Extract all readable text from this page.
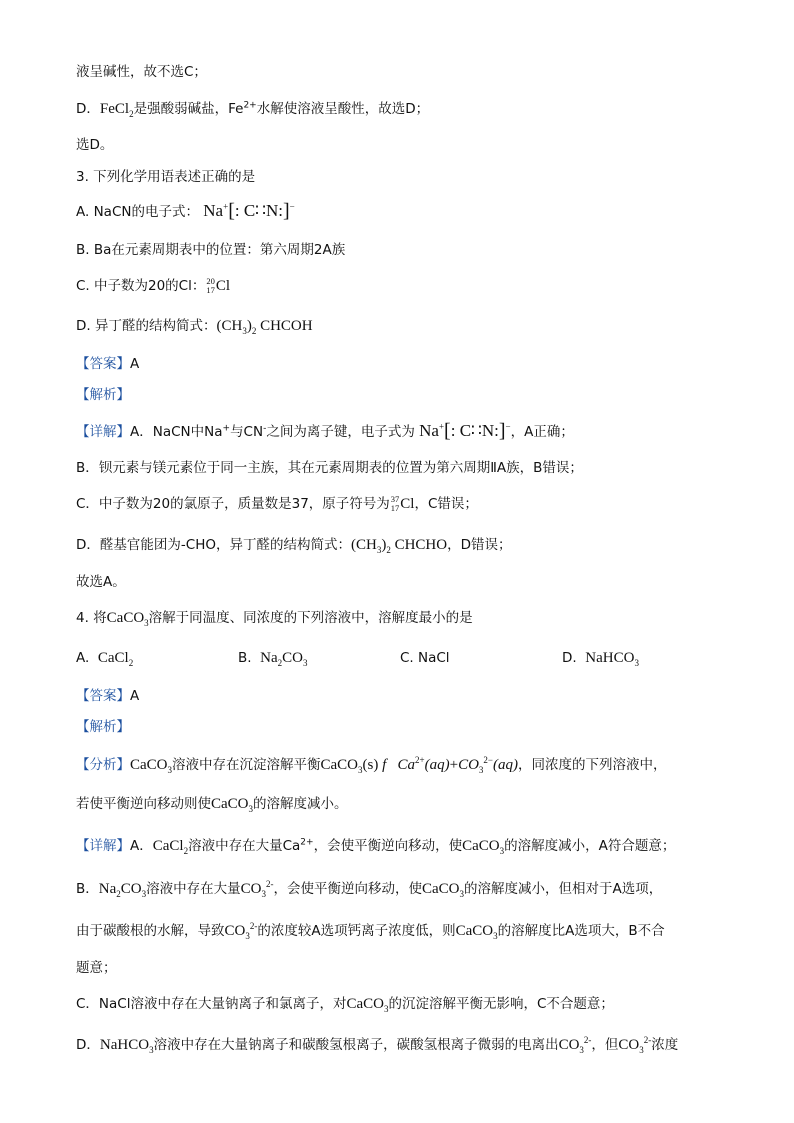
液呈碱性，故不选C；
D．FeCl$_2$是强酸弱碱盐，$Fe^{2+}$水解使溶液呈酸性，故选D；
选D。
3. 下列化学用语表述正确的是
A. NaCN的电子式： Na+[: C∷N:]−
B. Ba在元素周期表中的位置：第六周期2A族
C. 中子数为20的Cl： 20
17 Cl
D. 异丁醛的结构简式：$(CH_3)_2$ CHCOH
【答案】A
【解析】
【详解】A．NaCN中Na+与CN-之间为离子键，电子式为 Na+[: C∷N:]−，A正确；
B．钡元素与镁元素位于同一主族，其在元素周期表的位置为第六周期ⅡA族，B错误；
C．中子数为20的氯原子，质量数是37，原子符号为 37
17 Cl，C错误；
D．醛基官能团为-CHO，异丁醛的结构简式：$(CH_3)_2$ CHCHO，D错误；
故选A。
4. 将CaCO$_3$溶解于同温度、同浓度的下列溶液中，溶解度最小的是
A. CaCl$_2$	B. $Na_2CO_3$	C. NaCl	D. NaHCO$_3$
【答案】A
【解析】
【分析】CaCO$_3$溶液中存在沉淀溶解平衡CaCO$_3$(s) f $Ca^{2+}(aq)+CO_3^{2-}(aq)$，同浓度的下列溶液中，
若使平衡逆向移动则使CaCO$_3$的溶解度减小。
【详解】A．CaCl$_2$溶液中存在大量$Ca^{2+}$，会使平衡逆向移动，使CaCO$_3$的溶解度减小，A符合题意；
B．$Na_2CO_3$溶液中存在大量$CO_3^{2-}$，会使平衡逆向移动，使CaCO$_3$的溶解度减小，但相对于A选项，
由于碳酸根的水解，导致$CO_3^{2-}$的浓度较A选项钙离子浓度低，则CaCO$_3$的溶解度比A选项大，B不合
题意；
C．NaCl溶液中存在大量钠离子和氯离子，对CaCO$_3$的沉淀溶解平衡无影响，C不合题意；
D．NaHCO$_3$溶液中存在大量钠离子和碳酸氢根离子，碳酸氢根离子微弱的电离出$CO_3^{2-}$，但$CO_3^{2-}$浓度
